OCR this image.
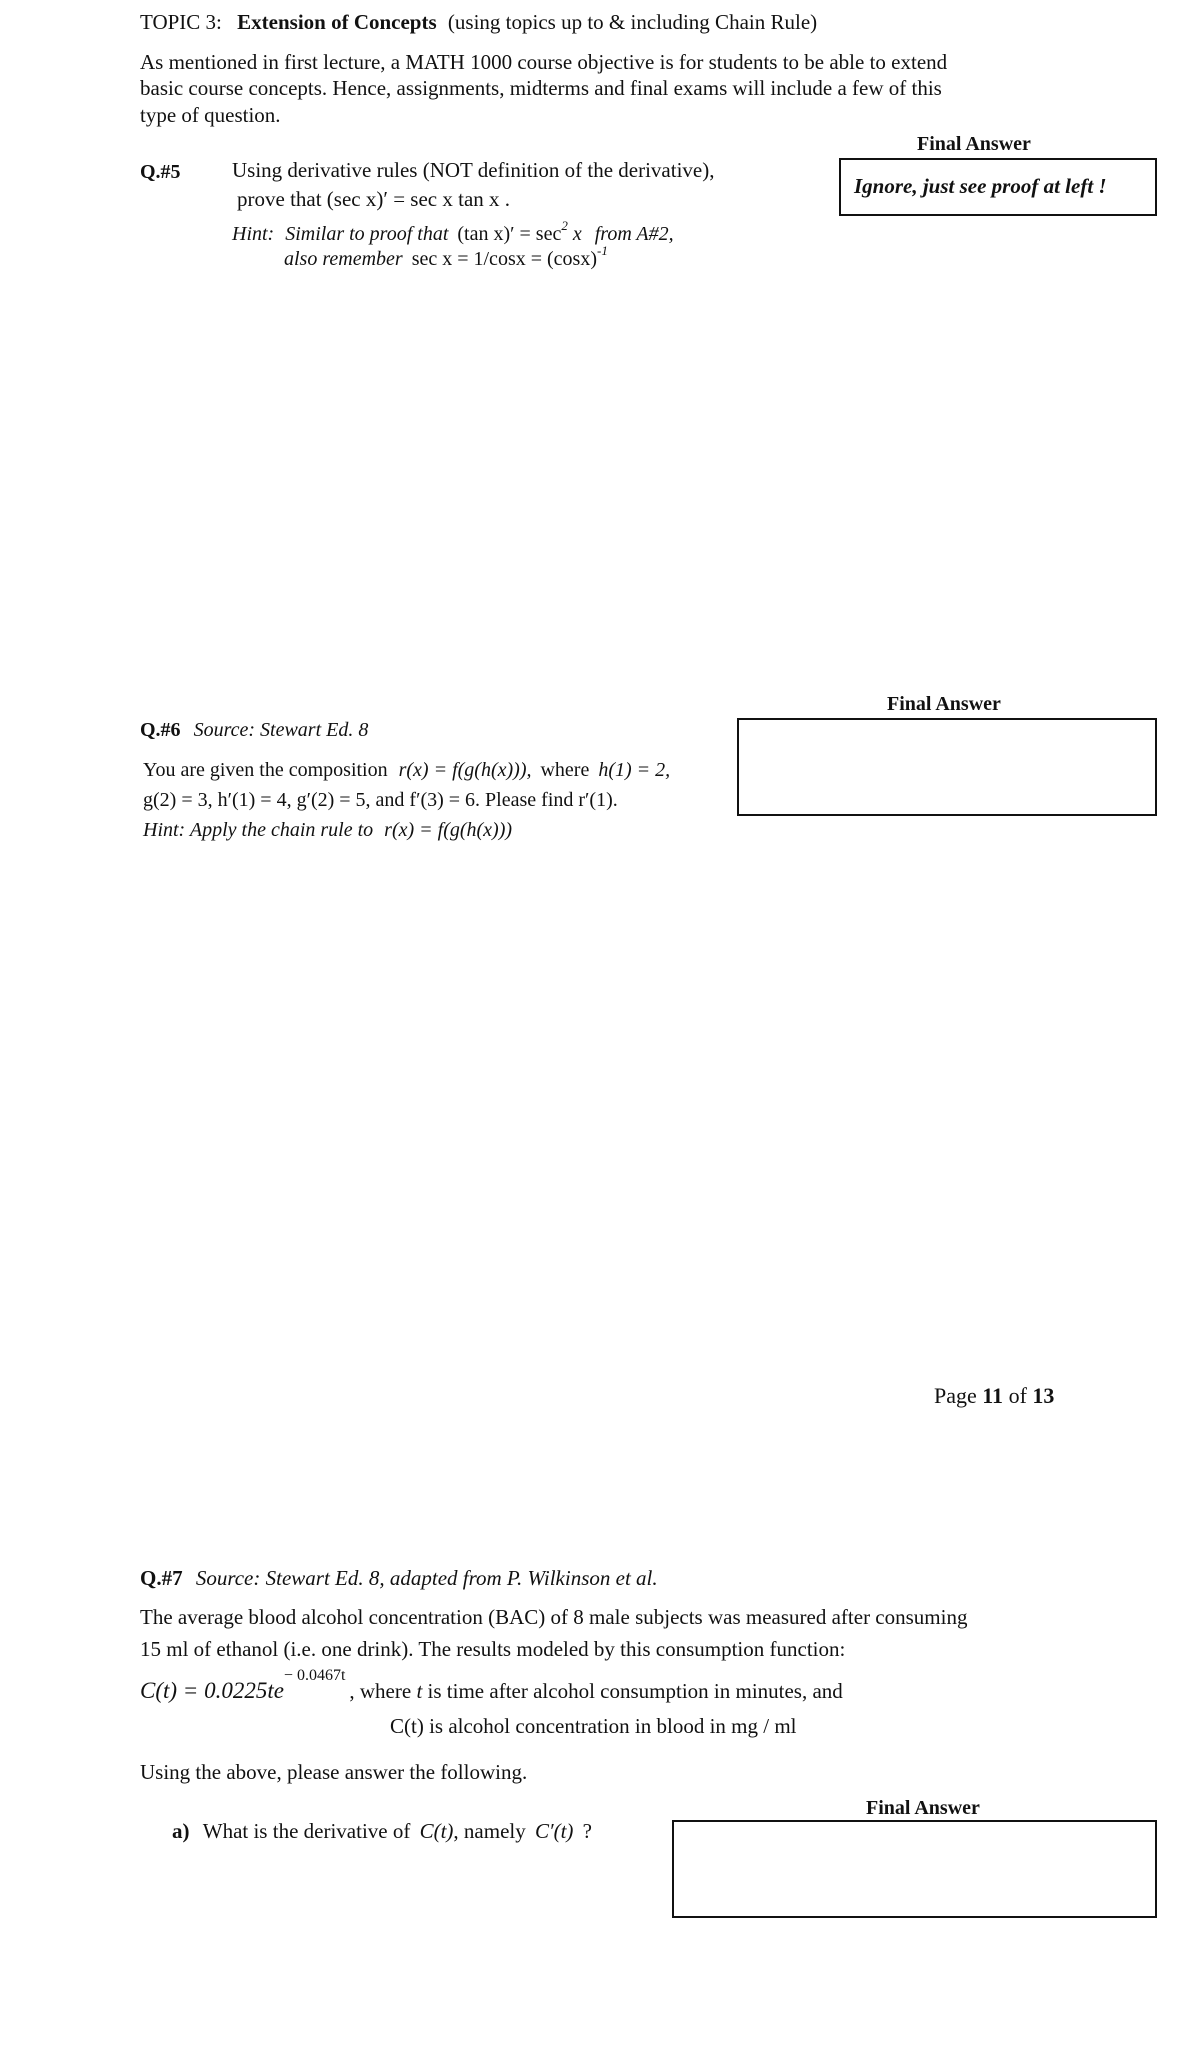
TOPIC 3: Extension of Concepts (using topics up to & including Chain Rule)
As mentioned in first lecture, a MATH 1000 course objective is for students to be able to extend
basic course concepts. Hence, assignments, midterms and final exams will include a few of this
type of question.
Final Answer
Q.#5 Using derivative rules (NOT definition of the derivative),
prove that (sec x)′ = sec x tan x .
Ignore, just see proof at left !
Hint: Similar to proof that (tan $x)' = \sec^2 x$ from A#2,
also remember $\sec x = 1/\cos x = (\cos x)^{-1}$
Final Answer
Q.#6 Source: Stewart Ed. 8
You are given the composition r(x) = f(g(h(x))), where h(1) = 2,
g(2) = 3, h′(1) = 4, g′(2) = 5, and f′(3) = 6. Please find r′(1).
Hint: Apply the chain rule to r(x) = f(g(h(x)))
Page 11 of 13
Q.#7 Source: Stewart Ed. 8, adapted from P. Wilkinson et al.
The average blood alcohol concentration (BAC) of 8 male subjects was measured after consuming
15 ml of ethanol (i.e. one drink). The results modeled by this consumption function:
$C(t) = 0.0225te^{- 0.0467t}$, where t is time after alcohol consumption in minutes, and
C(t) is alcohol concentration in blood in mg / ml
Using the above, please answer the following.
Final Answer
a) What is the derivative of C(t), namely C′(t) ?
